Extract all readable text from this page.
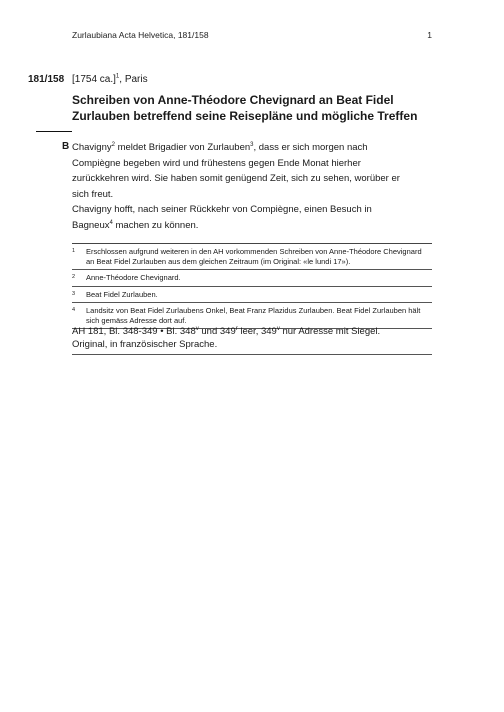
Zurlaubiana Acta Helvetica, 181/158	1
181/158 [1754 ca.]$^1$, Paris
Schreiben von Anne-Théodore Chevignard an Beat Fidel
Zurlauben betreffend seine Reisepläne und mögliche Treffen
B Chavigny$^2$ meldet Brigadier von Zurlauben$^3$, dass er sich morgen nach Compiègne begeben wird und frühestens gegen Ende Monat hierher zurückkehren wird. Sie haben somit genügend Zeit, sich zu sehen, worüber er sich freut.

Chavigny hofft, nach seiner Rückkehr von Compiègne, einen Besuch in Bagneux$^4$ machen zu können.

1 Erschlossen aufgrund weiteren in den AH vorkommenden Schreiben von Anne-Théodore Chevignard an Beat Fidel Zurlauben aus dem gleichen Zeitraum (im Original: «le lundi 17»).
2 Anne-Théodore Chevignard.
3 Beat Fidel Zurlauben.
4 Landsitz von Beat Fidel Zurlaubens Onkel, Beat Franz Plazidus Zurlauben. Beat Fidel Zurlauben hält sich gemäss Adresse dort auf.

AH 181, Bl. 348-349 • Bl. 348$^v$ und 349$^r$ leer, 349$^v$ nur Adresse mit Siegel.

Original, in französischer Sprache.
